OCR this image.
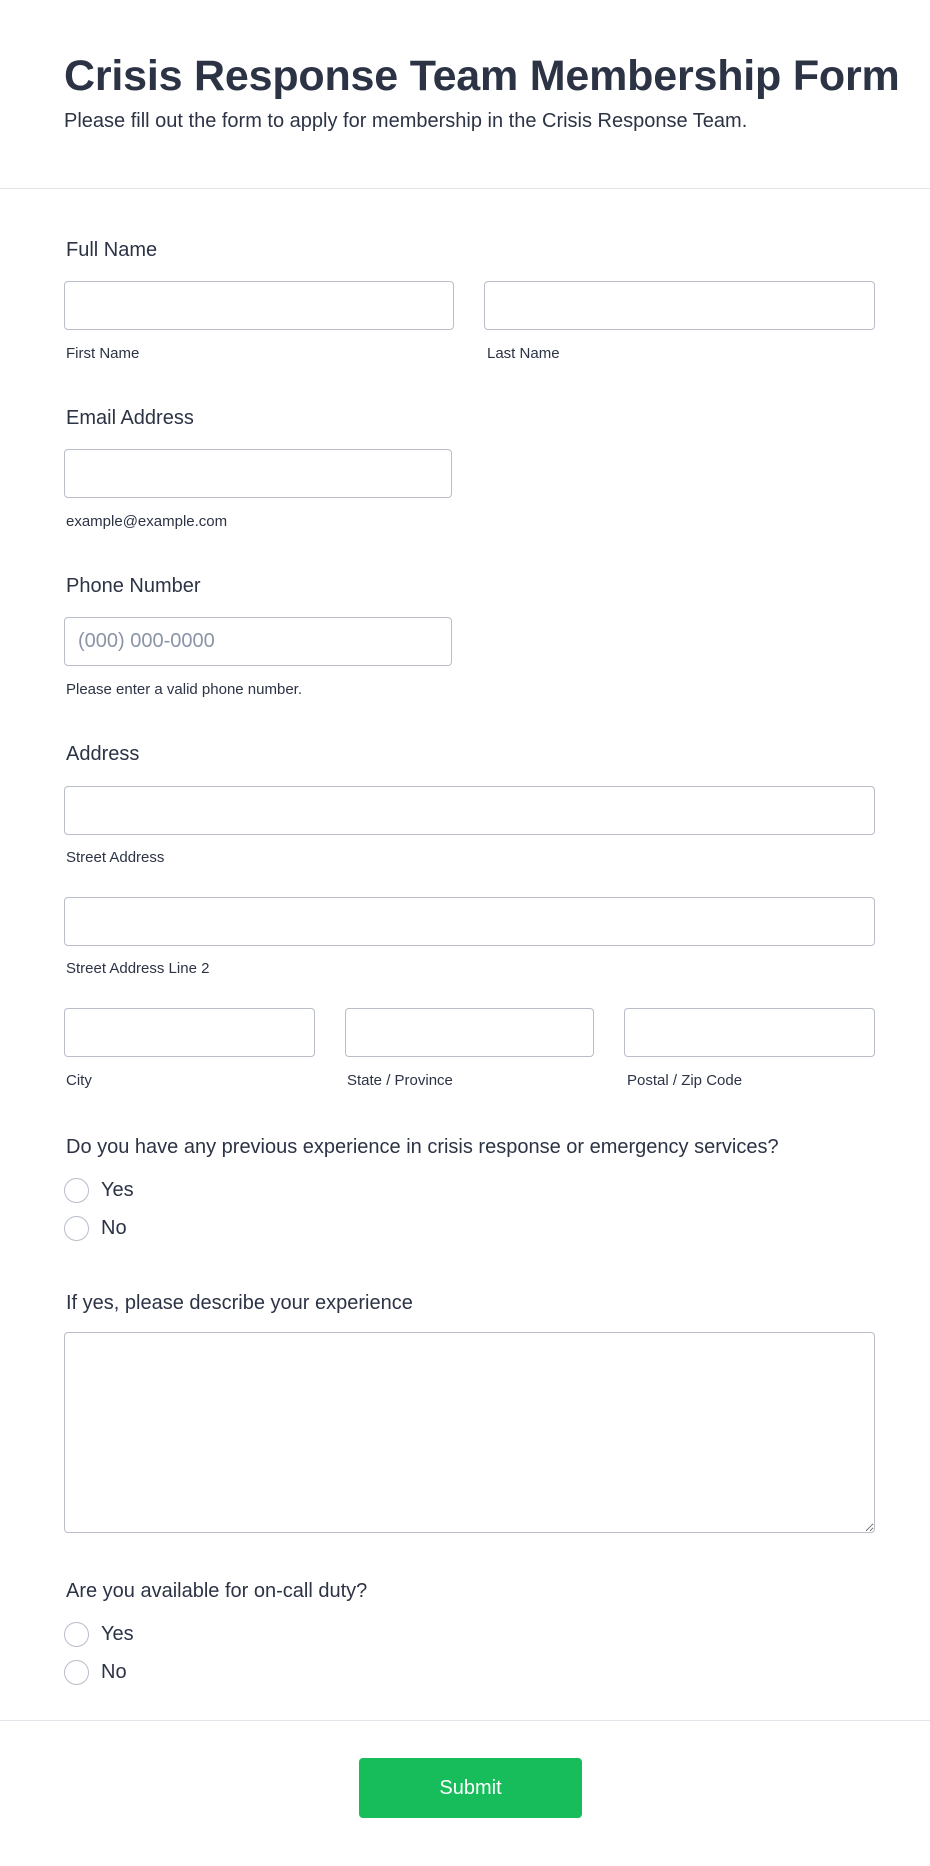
Crisis Response Team Membership Form
Please fill out the form to apply for membership in the Crisis Response Team.
Full Name
First Name	Last Name
Email Address
example@example.com
Phone Number
(000) 000-0000
Please enter a valid phone number.
Address
Street Address
Street Address Line 2
City	State / Province	Postal / Zip Code
Do you have any previous experience in crisis response or emergency services?
Yes
No
If yes, please describe your experience
Are you available for on-call duty?
Yes
No
Submit
